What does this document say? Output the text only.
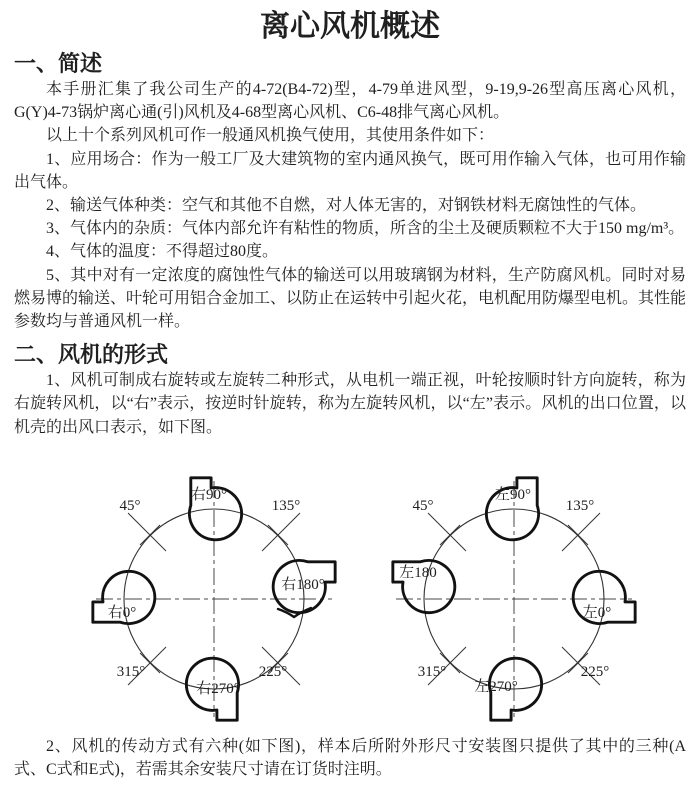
离心风机概述
一、简述

本手册汇集了我公司生产的4-72(B4-72)型，4-79单进风型，9-19,9-26型高压离心风机，G(Y)4-73锅炉离心通(引)风机及4-68型离心风机、C6-48排气离心风机。

以上十个系列风机可作一般通风机换气使用，其使用条件如下：

1、应用场合：作为一般工厂及大建筑物的室内通风换气，既可用作输入气体，也可用作输出气体。

2、输送气体种类：空气和其他不自燃，对人体无害的，对钢铁材料无腐蚀性的气体。

3、气体内的杂质：气体内部允许有粘性的物质，所含的尘土及硬质颗粒不大于150 mg/m³。

4、气体的温度：不得超过80度。

5、其中对有一定浓度的腐蚀性气体的输送可以用玻璃钢为材料，生产防腐风机。同时对易燃易博的输送、叶轮可用铝合金加工、以防止在运转中引起火花，电机配用防爆型电机。其性能参数均与普通风机一样。

二、风机的形式

1、风机可制成右旋转或左旋转二种形式，从电机一端正视，叶轮按顺时针方向旋转，称为右旋转风机，以“右”表示，按逆时针旋转，称为左旋转风机，以“左”表示。风机的出口位置，以机壳的出风口表示，如下图。

45°	135°
315°	225°
右90°
右180°
右270°
右0°
45°	135°
315°	225°
左90°
左0°
左270°
左180

2、风机的传动方式有六种(如下图)，样本后所附外形尺寸安装图只提供了其中的三种(A式、C式和E式)，若需其余安装尺寸请在订货时注明。
